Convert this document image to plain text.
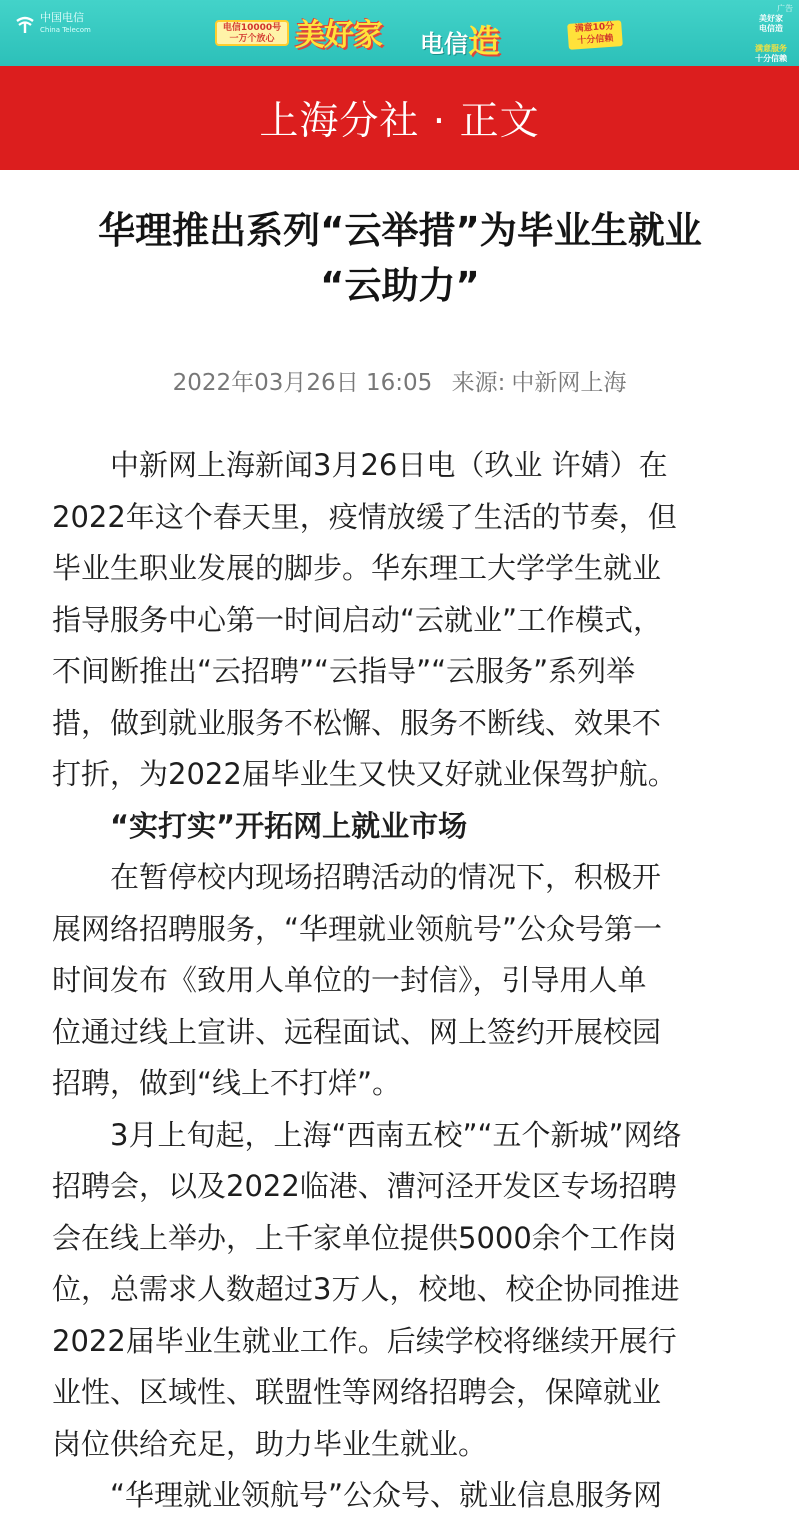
中国电信
China Telecom	电信10000号
一万个放心 美好家 电信造	满意10分
十分信赖
广告
美好家
电信造
满意服务
十分信赖
上海分社 · 正文
华理推出系列“云举措”为毕业生就业
“云助力”
2022年03月26日 16:05 来源: 中新网上海

中新网上海新闻3月26日电（玖业 许婧）在
2022年这个春天里，疫情放缓了生活的节奏，但
毕业生职业发展的脚步。华东理工大学学生就业
指导服务中心第一时间启动“云就业”工作模式，
不间断推出“云招聘”“云指导”“云服务”系列举
措，做到就业服务不松懈、服务不断线、效果不
打折，为2022届毕业生又快又好就业保驾护航。

“实打实”开拓网上就业市场

在暂停校内现场招聘活动的情况下，积极开
展网络招聘服务，“华理就业领航号”公众号第一
时间发布《致用人单位的一封信》，引导用人单
位通过线上宣讲、远程面试、网上签约开展校园
招聘，做到“线上不打烊”。

3月上旬起，上海“西南五校”“五个新城”网络
招聘会，以及2022临港、漕河泾开发区专场招聘
会在线上举办，上千家单位提供5000余个工作岗
位，总需求人数超过3万人，校地、校企协同推进
2022届毕业生就业工作。后续学校将继续开展行
业性、区域性、联盟性等网络招聘会，保障就业
岗位供给充足，助力毕业生就业。

“华理就业领航号”公众号、就业信息服务网
